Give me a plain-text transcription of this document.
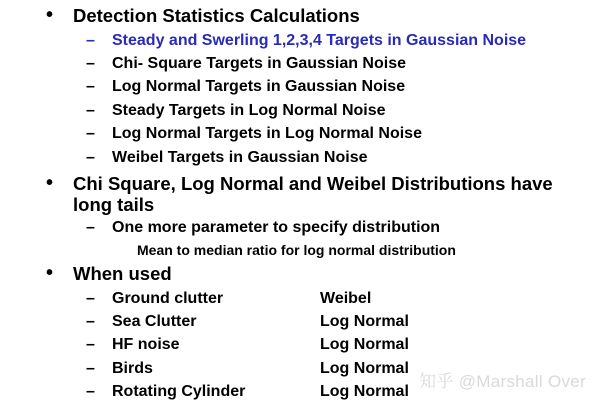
• Detection Statistics Calculations
– Steady and Swerling 1,2,3,4 Targets in Gaussian Noise
– Chi- Square Targets in Gaussian Noise
– Log Normal Targets in Gaussian Noise
– Steady Targets in Log Normal Noise
– Log Normal Targets in Log Normal Noise
– Weibel Targets in Gaussian Noise
• Chi Square, Log Normal and Weibel Distributions have
long tails
– One more parameter to specify distribution
Mean to median ratio for log normal distribution
• When used
– Ground clutter	Weibel
– Sea Clutter	Log Normal
– HF noise	Log Normal
– Birds	Log Normal
– Rotating Cylinder	Log Normal
知乎 @Marshall Over
